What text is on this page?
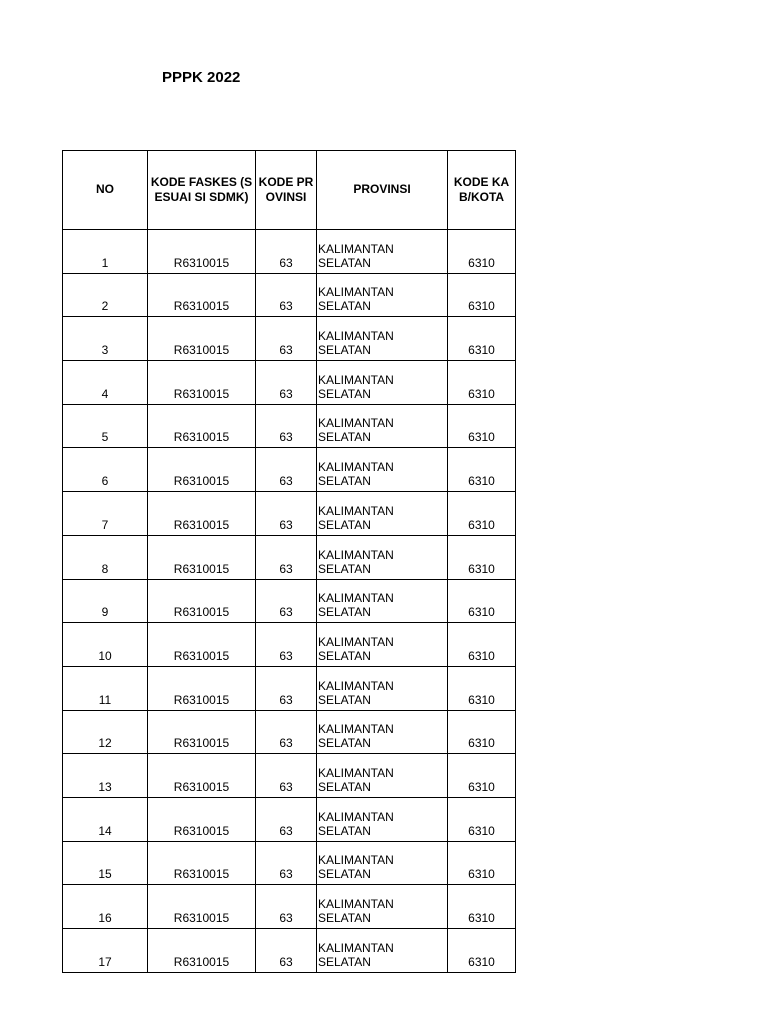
PPPK 2022
NO	KODE FASKES (SESUAI SI SDMK)	KODE PROVINSI	PROVINSI	KODE KAB/KOTA
1	R6310015	63	KALIMANTAN SELATAN	6310
2	R6310015	63	KALIMANTAN SELATAN	6310
3	R6310015	63	KALIMANTAN SELATAN	6310
4	R6310015	63	KALIMANTAN SELATAN	6310
5	R6310015	63	KALIMANTAN SELATAN	6310
6	R6310015	63	KALIMANTAN SELATAN	6310
7	R6310015	63	KALIMANTAN SELATAN	6310
8	R6310015	63	KALIMANTAN SELATAN	6310
9	R6310015	63	KALIMANTAN SELATAN	6310
10	R6310015	63	KALIMANTAN SELATAN	6310
11	R6310015	63	KALIMANTAN SELATAN	6310
12	R6310015	63	KALIMANTAN SELATAN	6310
13	R6310015	63	KALIMANTAN SELATAN	6310
14	R6310015	63	KALIMANTAN SELATAN	6310
15	R6310015	63	KALIMANTAN SELATAN	6310
16	R6310015	63	KALIMANTAN SELATAN	6310
17	R6310015	63	KALIMANTAN SELATAN	6310
